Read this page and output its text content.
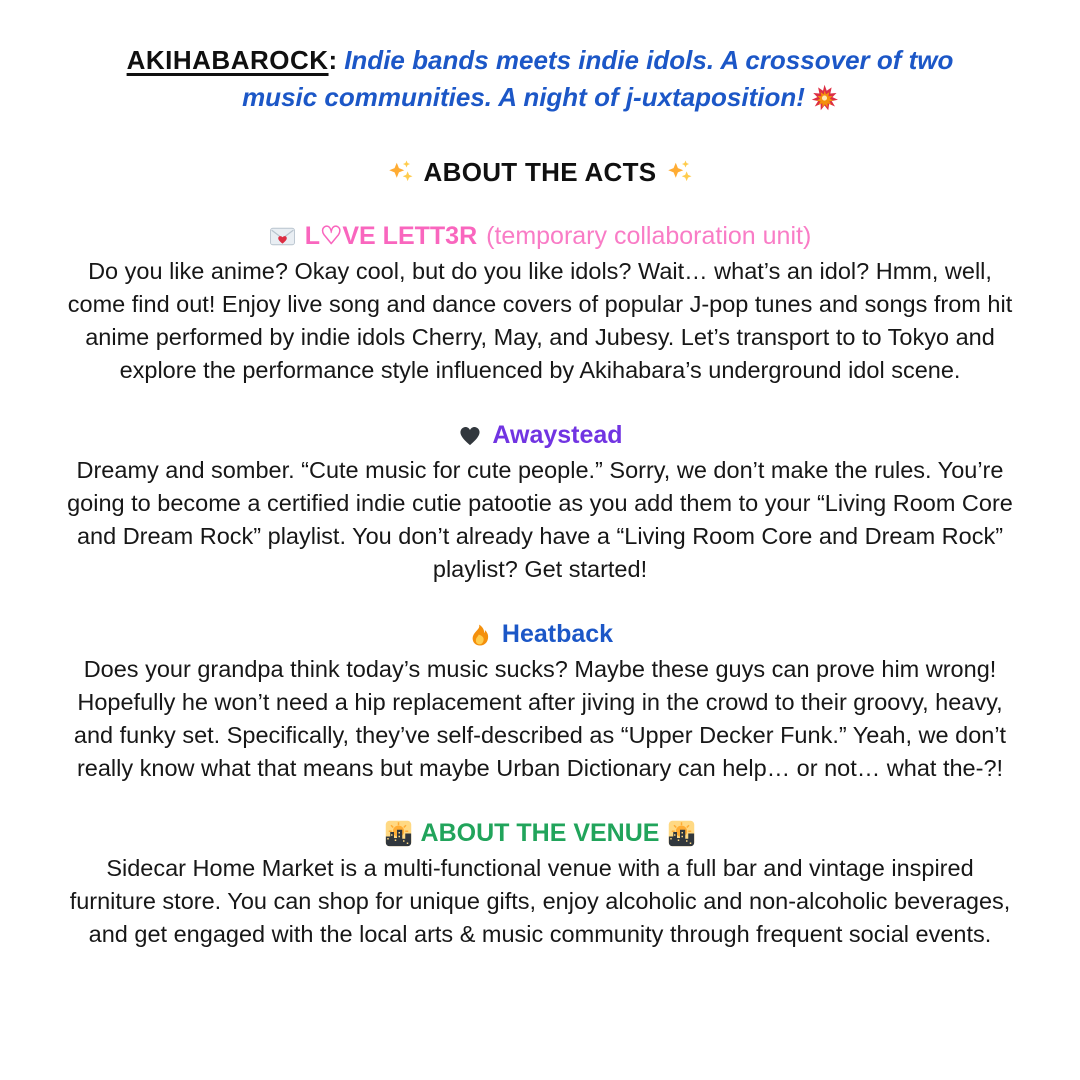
AKIHABAROCK: Indie bands meets indie idols. A crossover of two music communities. A night of j-uxtaposition!
ABOUT THE ACTS
L♡VE LETT3R (temporary collaboration unit)

Do you like anime? Okay cool, but do you like idols? Wait… what’s an idol? Hmm, well, come find out! Enjoy live song and dance covers of popular J-pop tunes and songs from hit anime performed by indie idols Cherry, May, and Jubesy. Let’s transport to to Tokyo and explore the performance style influenced by Akihabara’s underground idol scene.

Awaystead

Dreamy and somber. “Cute music for cute people.” Sorry, we don’t make the rules. You’re going to become a certified indie cutie patootie as you add them to your “Living Room Core and Dream Rock” playlist. You don’t already have a “Living Room Core and Dream Rock” playlist? Get started!

Heatback

Does your grandpa think today’s music sucks? Maybe these guys can prove him wrong! Hopefully he won’t need a hip replacement after jiving in the crowd to their groovy, heavy, and funky set. Specifically, they’ve self-described as “Upper Decker Funk.” Yeah, we don’t really know what that means but maybe Urban Dictionary can help… or not… what the-?!

ABOUT THE VENUE

Sidecar Home Market is a multi-functional venue with a full bar and vintage inspired furniture store. You can shop for unique gifts, enjoy alcoholic and non-alcoholic beverages, and get engaged with the local arts & music community through frequent social events.
